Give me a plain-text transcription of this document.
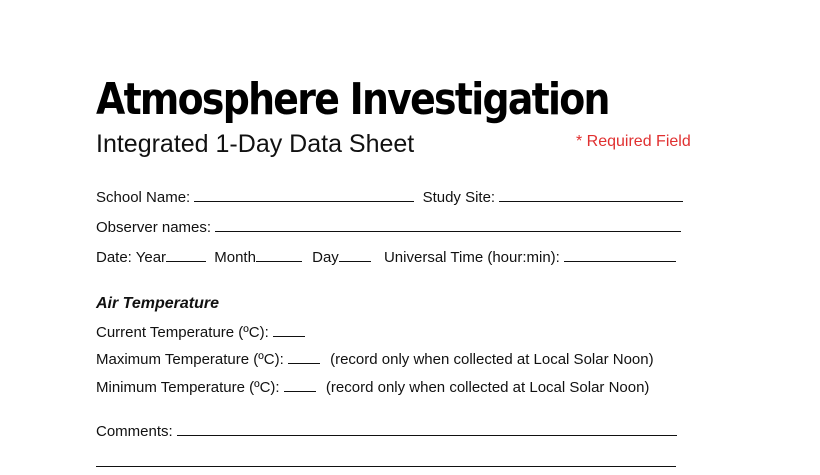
Atmosphere Investigation
Integrated 1-Day Data Sheet	* Required Field
School Name:	Study Site:
Observer names:
Date: Year	Month	Day	Universal Time (hour:min):
Air Temperature
Current Temperature (ºC):
Maximum Temperature (ºC):	(record only when collected at Local Solar Noon)
Minimum Temperature (ºC):	(record only when collected at Local Solar Noon)
Comments:
